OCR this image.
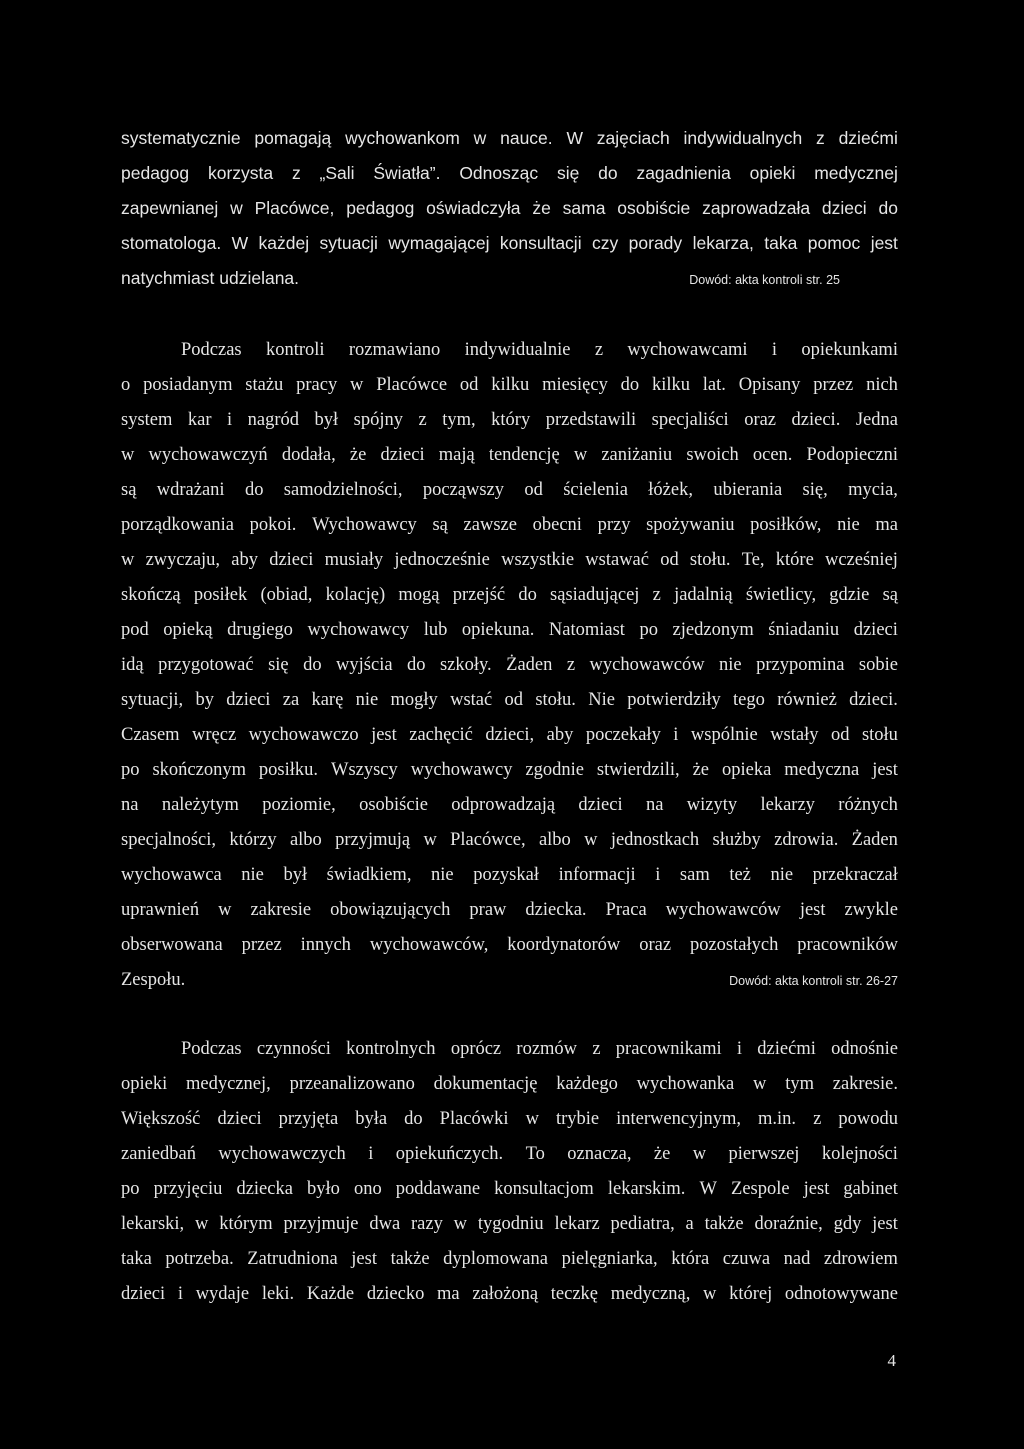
systematycznie pomagają wychowankom w nauce. W zajęciach indywidualnych z dziećmi
pedagog korzysta z „Sali Światła”. Odnosząc się do zagadnienia opieki medycznej
zapewnianej w Placówce, pedagog oświadczyła że sama osobiście zaprowadzała dzieci do
stomatologa. W każdej sytuacji wymagającej konsultacji czy porady lekarza, taka pomoc jest
natychmiast udzielana.	Dowód: akta kontroli str. 25
Podczas kontroli rozmawiano indywidualnie z wychowawcami i opiekunkami
o posiadanym stażu pracy w Placówce od kilku miesięcy do kilku lat. Opisany przez nich
system kar i nagród był spójny z tym, który przedstawili specjaliści oraz dzieci. Jedna
w wychowawczyń dodała, że dzieci mają tendencję w zaniżaniu swoich ocen. Podopieczni
są wdrażani do samodzielności, począwszy od ścielenia łóżek, ubierania się, mycia,
porządkowania pokoi. Wychowawcy są zawsze obecni przy spożywaniu posiłków, nie ma
w zwyczaju, aby dzieci musiały jednocześnie wszystkie wstawać od stołu. Te, które wcześniej
skończą posiłek (obiad, kolację) mogą przejść do sąsiadującej z jadalnią świetlicy, gdzie są
pod opieką drugiego wychowawcy lub opiekuna. Natomiast po zjedzonym śniadaniu dzieci
idą przygotować się do wyjścia do szkoły. Żaden z wychowawców nie przypomina sobie
sytuacji, by dzieci za karę nie mogły wstać od stołu. Nie potwierdziły tego również dzieci.
Czasem wręcz wychowawczo jest zachęcić dzieci, aby poczekały i wspólnie wstały od stołu
po skończonym posiłku. Wszyscy wychowawcy zgodnie stwierdzili, że opieka medyczna jest
na należytym poziomie, osobiście odprowadzają dzieci na wizyty lekarzy różnych
specjalności, którzy albo przyjmują w Placówce, albo w jednostkach służby zdrowia. Żaden
wychowawca nie był świadkiem, nie pozyskał informacji i sam też nie przekraczał
uprawnień w zakresie obowiązujących praw dziecka. Praca wychowawców jest zwykle
obserwowana przez innych wychowawców, koordynatorów oraz pozostałych pracowników
Zespołu.	Dowód: akta kontroli str. 26-27
Podczas czynności kontrolnych oprócz rozmów z pracownikami i dziećmi odnośnie
opieki medycznej, przeanalizowano dokumentację każdego wychowanka w tym zakresie.
Większość dzieci przyjęta była do Placówki w trybie interwencyjnym, m.in. z powodu
zaniedbań wychowawczych i opiekuńczych. To oznacza, że w pierwszej kolejności
po przyjęciu dziecka było ono poddawane konsultacjom lekarskim. W Zespole jest gabinet
lekarski, w którym przyjmuje dwa razy w tygodniu lekarz pediatra, a także doraźnie, gdy jest
taka potrzeba. Zatrudniona jest także dyplomowana pielęgniarka, która czuwa nad zdrowiem
dzieci i wydaje leki. Każde dziecko ma założoną teczkę medyczną, w której odnotowywane
4
